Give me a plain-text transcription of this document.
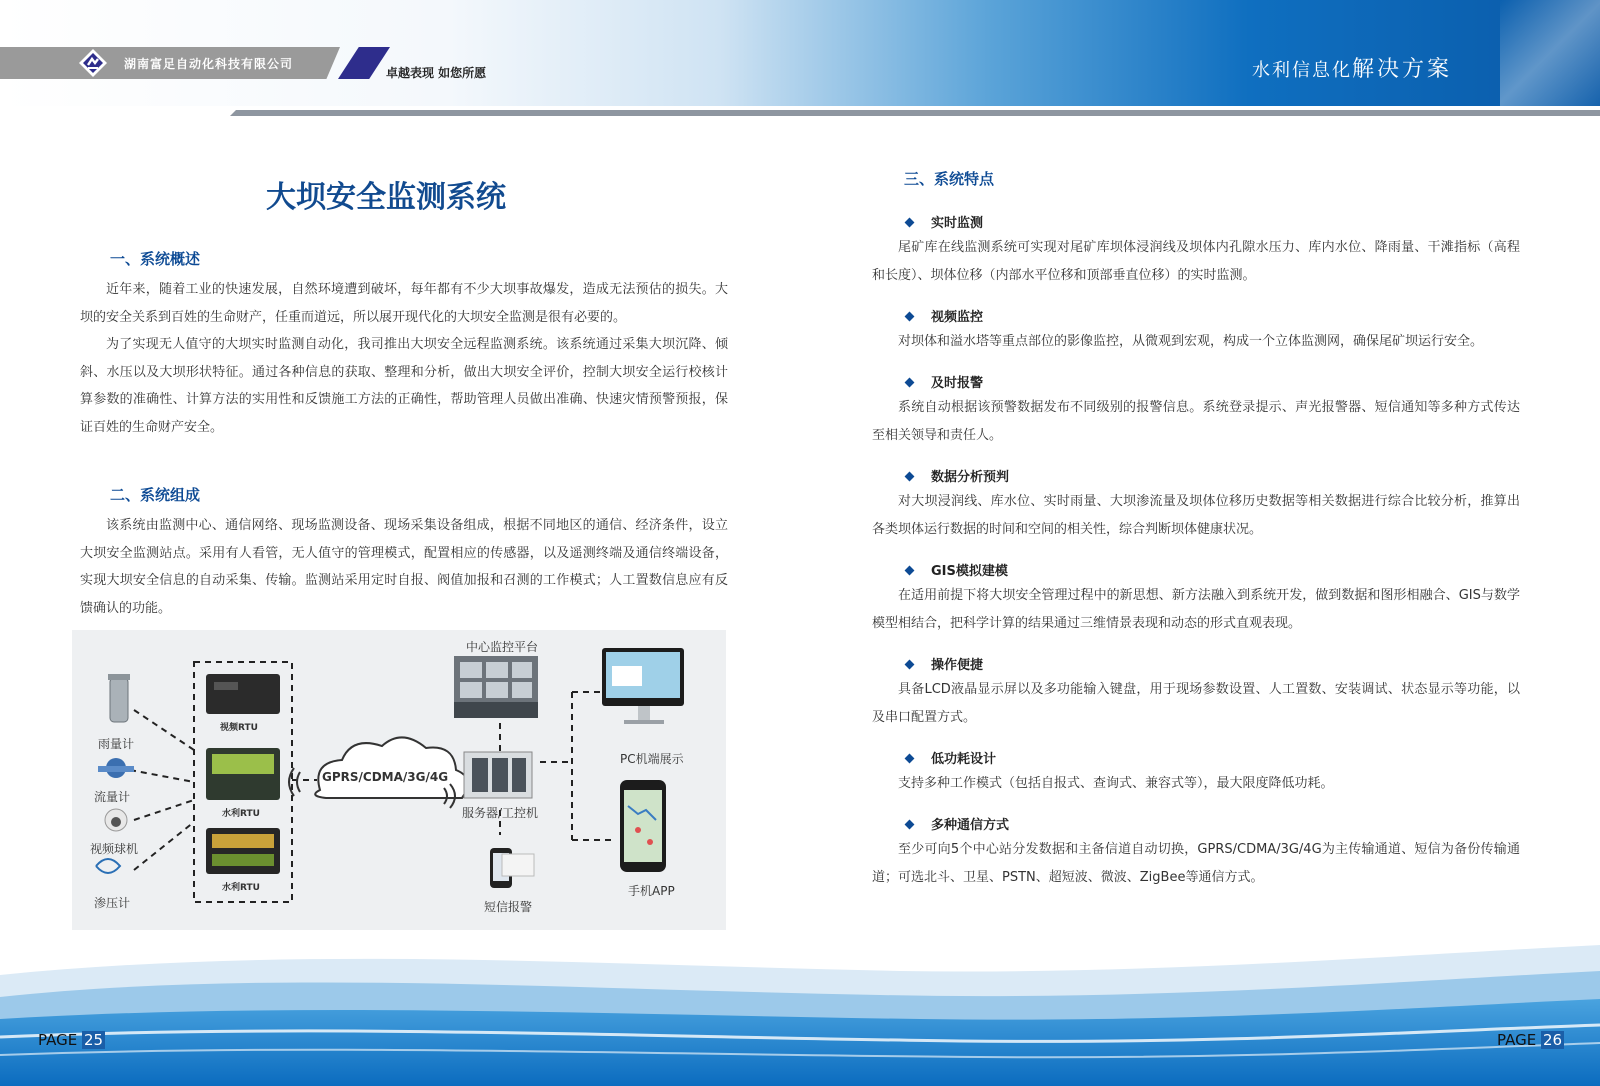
湖南富足自动化科技有限公司
卓越表现 如您所愿	水利信息化解决方案
大坝安全监测系统
一、系统概述

近年来，随着工业的快速发展，自然环境遭到破坏，每年都有不少大坝事故爆发，造成无法预估的损失。大坝的安全关系到百姓的生命财产，任重而道远，所以展开现代化的大坝安全监测是很有必要的。

为了实现无人值守的大坝实时监测自动化，我司推出大坝安全远程监测系统。该系统通过采集大坝沉降、倾斜、水压以及大坝形状特征。通过各种信息的获取、整理和分析，做出大坝安全评价，控制大坝安全运行校核计算参数的准确性、计算方法的实用性和反馈施工方法的正确性，帮助管理人员做出准确、快速灾情预警预报，保证百姓的生命财产安全。

二、系统组成

该系统由监测中心、通信网络、现场监测设备、现场采集设备组成，根据不同地区的通信、经济条件，设立大坝安全监测站点。采用有人看管，无人值守的管理模式，配置相应的传感器，以及遥测终端及通信终端设备，实现大坝安全信息的自动采集、传输。监测站采用定时自报、阀值加报和召测的工作模式；人工置数信息应有反馈确认的功能。

雨量计
流量计
视频球机
渗压计
视频RTU
水利RTU
水利RTU
GPRS/CDMA/3G/4G
中心监控平台
服务器/工控机
短信报警
PC机端展示
手机APP
三、系统特点
实时监测

尾矿库在线监测系统可实现对尾矿库坝体浸润线及坝体内孔隙水压力、库内水位、降雨量、干滩指标（高程和长度）、坝体位移（内部水平位移和顶部垂直位移）的实时监测。

视频监控

对坝体和溢水塔等重点部位的影像监控，从微观到宏观，构成一个立体监测网，确保尾矿坝运行安全。

及时报警

系统自动根据该预警数据发布不同级别的报警信息。系统登录提示、声光报警器、短信通知等多种方式传达至相关领导和责任人。

数据分析预判

对大坝浸润线、库水位、实时雨量、大坝渗流量及坝体位移历史数据等相关数据进行综合比较分析，推算出各类坝体运行数据的时间和空间的相关性，综合判断坝体健康状况。

GIS模拟建模

在适用前提下将大坝安全管理过程中的新思想、新方法融入到系统开发，做到数据和图形相融合、GIS与数学模型相结合，把科学计算的结果通过三维情景表现和动态的形式直观表现。

操作便捷

具备LCD液晶显示屏以及多功能输入键盘，用于现场参数设置、人工置数、安装调试、状态显示等功能，以及串口配置方式。

低功耗设计

支持多种工作模式（包括自报式、查询式、兼容式等），最大限度降低功耗。

多种通信方式

至少可向5个中心站分发数据和主备信道自动切换，GPRS/CDMA/3G/4G为主传输通道、短信为备份传输通道；可选北斗、卫星、PSTN、超短波、微波、ZigBee等通信方式。

PAGE 25	PAGE 26
